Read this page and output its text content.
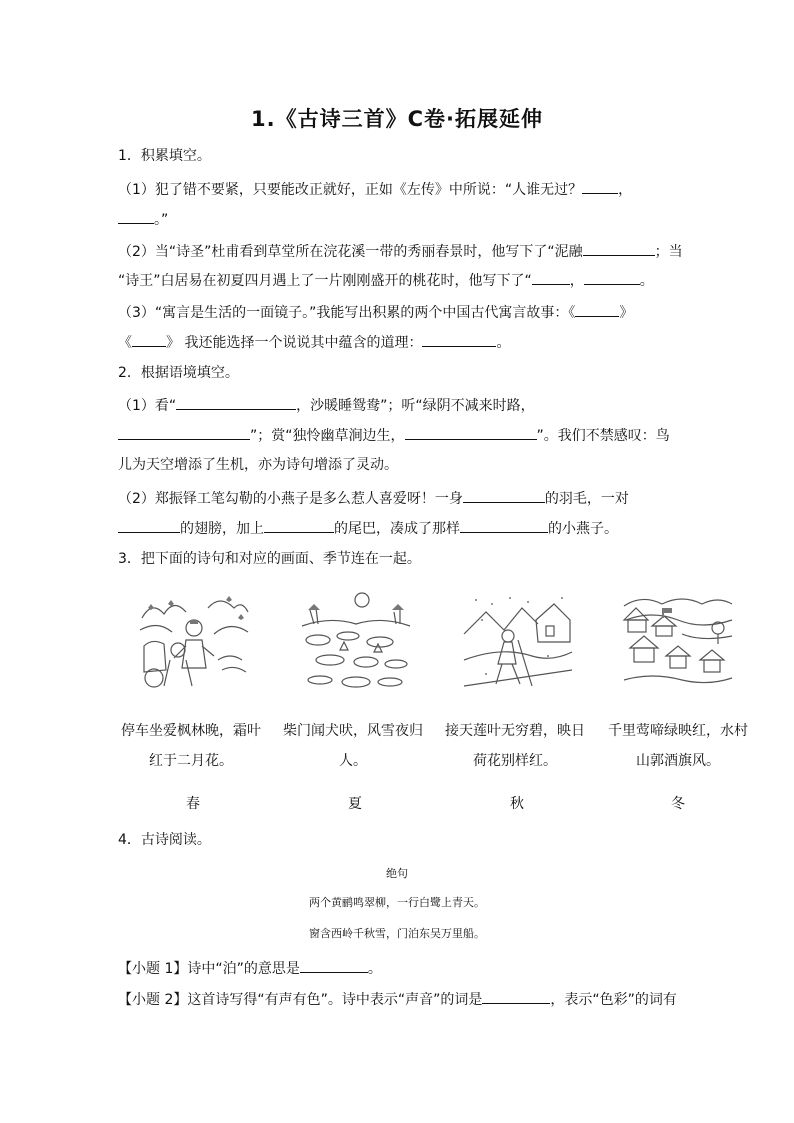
1.《古诗三首》C卷·拓展延伸
1．积累填空。
（1）犯了错不要紧，只要能改正就好，正如《左传》中所说：“人谁无过？	，
。”
（2）当“诗圣”杜甫看到草堂所在浣花溪一带的秀丽春景时，他写下了“泥融	；当
“诗王”白居易在初夏四月遇上了一片刚刚盛开的桃花时，他写下了“	，	。
（3）“寓言是生活的一面镜子。”我能写出积累的两个中国古代寓言故事：《	》
《 》 我还能选择一个说说其中蕴含的道理：	。
2．根据语境填空。
（1）看“	，沙暖睡鸳鸯”；听“绿阴不减来时路，
”；赏“独怜幽草涧边生，	”。我们不禁感叹：鸟
儿为天空增添了生机，亦为诗句增添了灵动。
（2）郑振铎工笔勾勒的小燕子是多么惹人喜爱呀！一身	的羽毛，一对
的翅膀，加上	的尾巴，凑成了那样	的小燕子。
3．把下面的诗句和对应的画面、季节连在一起。
停车坐爱枫林晚，霜叶
红于二月花。
柴门闻犬吠，风雪夜归
人。
接天莲叶无穷碧，映日
荷花别样红。
千里莺啼绿映红，水村
山郭酒旗风。
春	夏	秋	冬
4．古诗阅读。
绝句
两个黄鹂鸣翠柳，一行白鹭上青天。
窗含西岭千秋雪，门泊东吴万里船。
【小题 1】诗中“泊”的意思是	。
【小题 2】这首诗写得“有声有色”。诗中表示“声音”的词是	，表示“色彩”的词有
